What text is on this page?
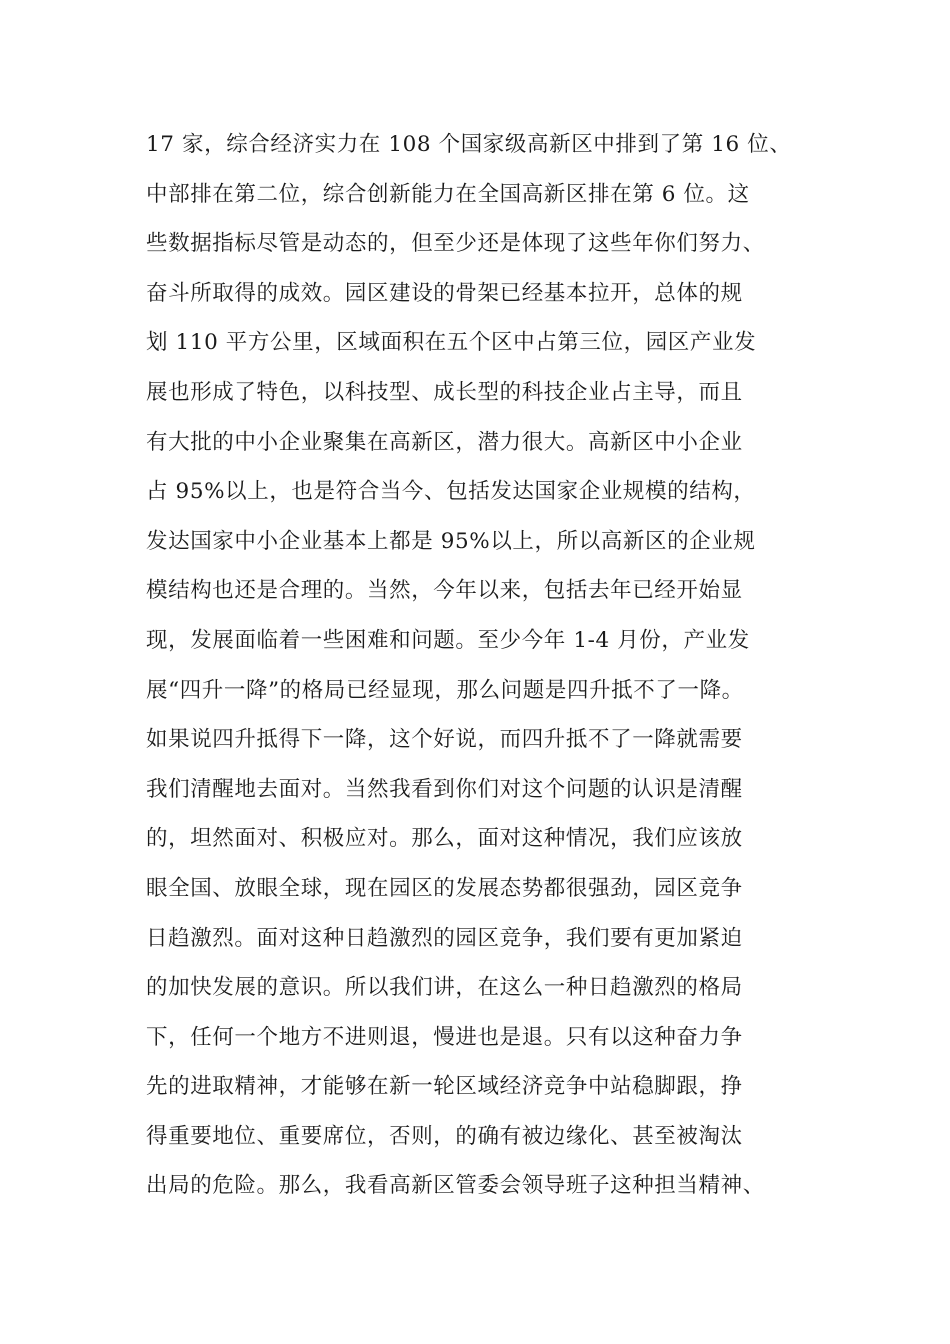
17 家，综合经济实力在 108 个国家级高新区中排到了第 16 位、
中部排在第二位，综合创新能力在全国高新区排在第 6 位。这
些数据指标尽管是动态的，但至少还是体现了这些年你们努力、
奋斗所取得的成效。园区建设的骨架已经基本拉开，总体的规
划 110 平方公里，区域面积在五个区中占第三位，园区产业发
展也形成了特色，以科技型、成长型的科技企业占主导，而且
有大批的中小企业聚集在高新区，潜力很大。高新区中小企业
占 95%以上，也是符合当今、包括发达国家企业规模的结构，
发达国家中小企业基本上都是 95%以上，所以高新区的企业规
模结构也还是合理的。当然，今年以来，包括去年已经开始显
现，发展面临着一些困难和问题。至少今年 1-4 月份，产业发
展“四升一降”的格局已经显现，那么问题是四升抵不了一降。
如果说四升抵得下一降，这个好说，而四升抵不了一降就需要
我们清醒地去面对。当然我看到你们对这个问题的认识是清醒
的，坦然面对、积极应对。那么，面对这种情况，我们应该放
眼全国、放眼全球，现在园区的发展态势都很强劲，园区竞争
日趋激烈。面对这种日趋激烈的园区竞争，我们要有更加紧迫
的加快发展的意识。所以我们讲，在这么一种日趋激烈的格局
下，任何一个地方不进则退，慢进也是退。只有以这种奋力争
先的进取精神，才能够在新一轮区域经济竞争中站稳脚跟，挣
得重要地位、重要席位，否则，的确有被边缘化、甚至被淘汰
出局的危险。那么，我看高新区管委会领导班子这种担当精神、
